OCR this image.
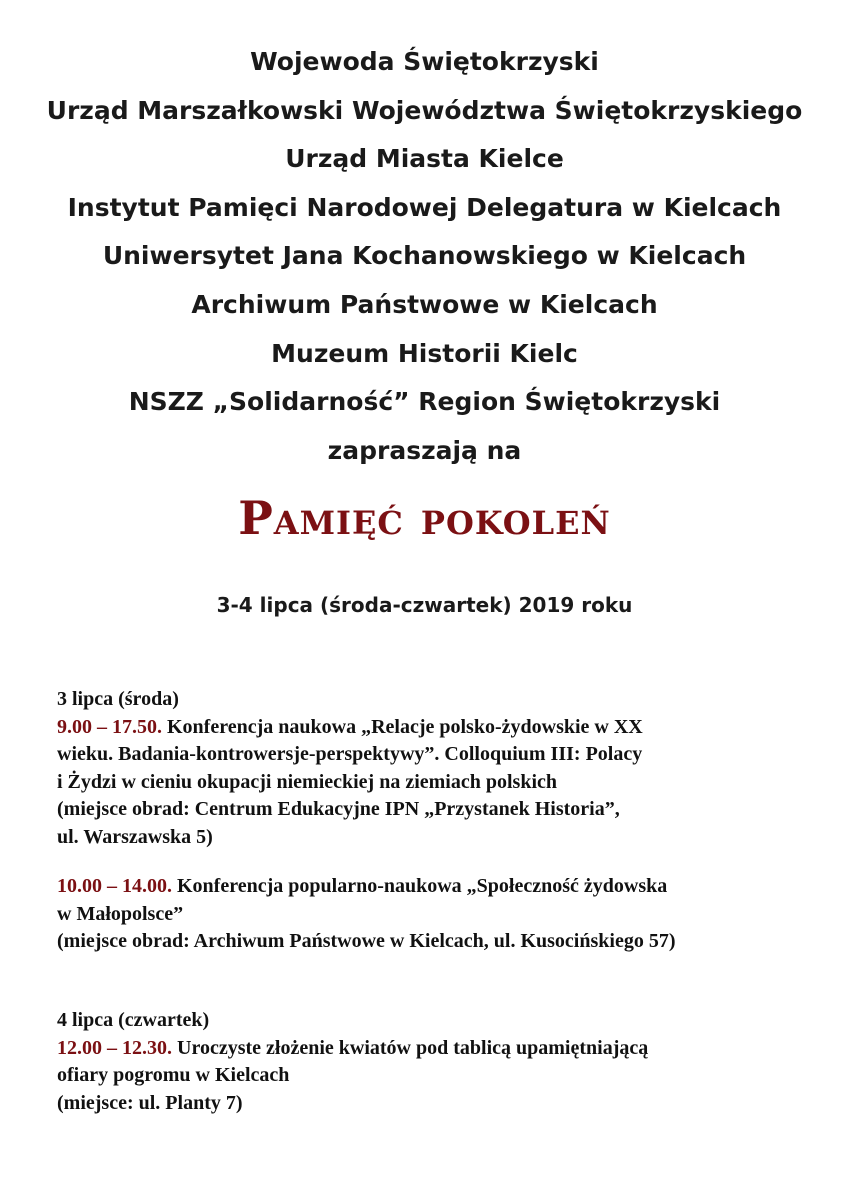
Wojewoda Świętokrzyski
Urząd Marszałkowski Województwa Świętokrzyskiego
Urząd Miasta Kielce
Instytut Pamięci Narodowej Delegatura w Kielcach
Uniwersytet Jana Kochanowskiego w Kielcach
Archiwum Państwowe w Kielcach
Muzeum Historii Kielc
NSZZ „Solidarność” Region Świętokrzyski
zapraszają na
Pamięć pokoleń
3-4 lipca (środa-czwartek) 2019 roku
3 lipca (środa)
9.00 – 17.50. Konferencja naukowa „Relacje polsko-żydowskie w XX
wieku. Badania-kontrowersje-perspektywy”. Colloquium III: Polacy
i Żydzi w cieniu okupacji niemieckiej na ziemiach polskich
(miejsce obrad: Centrum Edukacyjne IPN „Przystanek Historia”,
ul. Warszawska 5)
10.00 – 14.00. Konferencja popularno-naukowa „Społeczność żydowska
w Małopolsce”
(miejsce obrad: Archiwum Państwowe w Kielcach, ul. Kusocińskiego 57)
4 lipca (czwartek)
12.00 – 12.30. Uroczyste złożenie kwiatów pod tablicą upamiętniającą
ofiary pogromu w Kielcach
(miejsce: ul. Planty 7)
